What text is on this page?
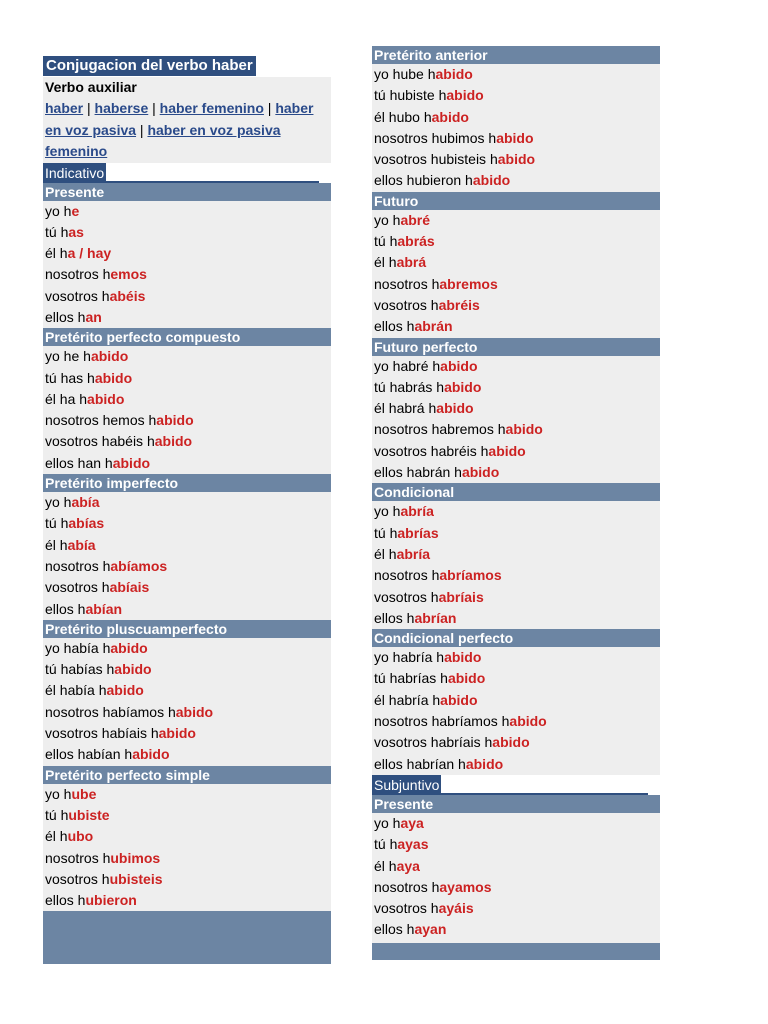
Conjugacion del verbo haber
Verbo auxiliar
haber | haberse | haber femenino | haber en voz pasiva | haber en voz pasiva femenino
Indicativo
Presente
yo he
tú has
él ha / hay
nosotros hemos
vosotros habéis
ellos han
Pretérito perfecto compuesto
yo he habido
tú has habido
él ha habido
nosotros hemos habido
vosotros habéis habido
ellos han habido
Pretérito imperfecto
yo había
tú habías
él había
nosotros habíamos
vosotros habíais
ellos habían
Pretérito pluscuamperfecto
yo había habido
tú habías habido
él había habido
nosotros habíamos habido
vosotros habíais habido
ellos habían habido
Pretérito perfecto simple
yo hube
tú hubiste
él hubo
nosotros hubimos
vosotros hubisteis
ellos hubieron
Pretérito anterior
yo hube habido
tú hubiste habido
él hubo habido
nosotros hubimos habido
vosotros hubisteis habido
ellos hubieron habido
Futuro
yo habré
tú habrás
él habrá
nosotros habremos
vosotros habréis
ellos habrán
Futuro perfecto
yo habré habido
tú habrás habido
él habrá habido
nosotros habremos habido
vosotros habréis habido
ellos habrán habido
Condicional
yo habría
tú habrías
él habría
nosotros habríamos
vosotros habríais
ellos habrían
Condicional perfecto
yo habría habido
tú habrías habido
él habría habido
nosotros habríamos habido
vosotros habríais habido
ellos habrían habido
Subjuntivo
Presente
yo haya
tú hayas
él haya
nosotros hayamos
vosotros hayáis
ellos hayan
